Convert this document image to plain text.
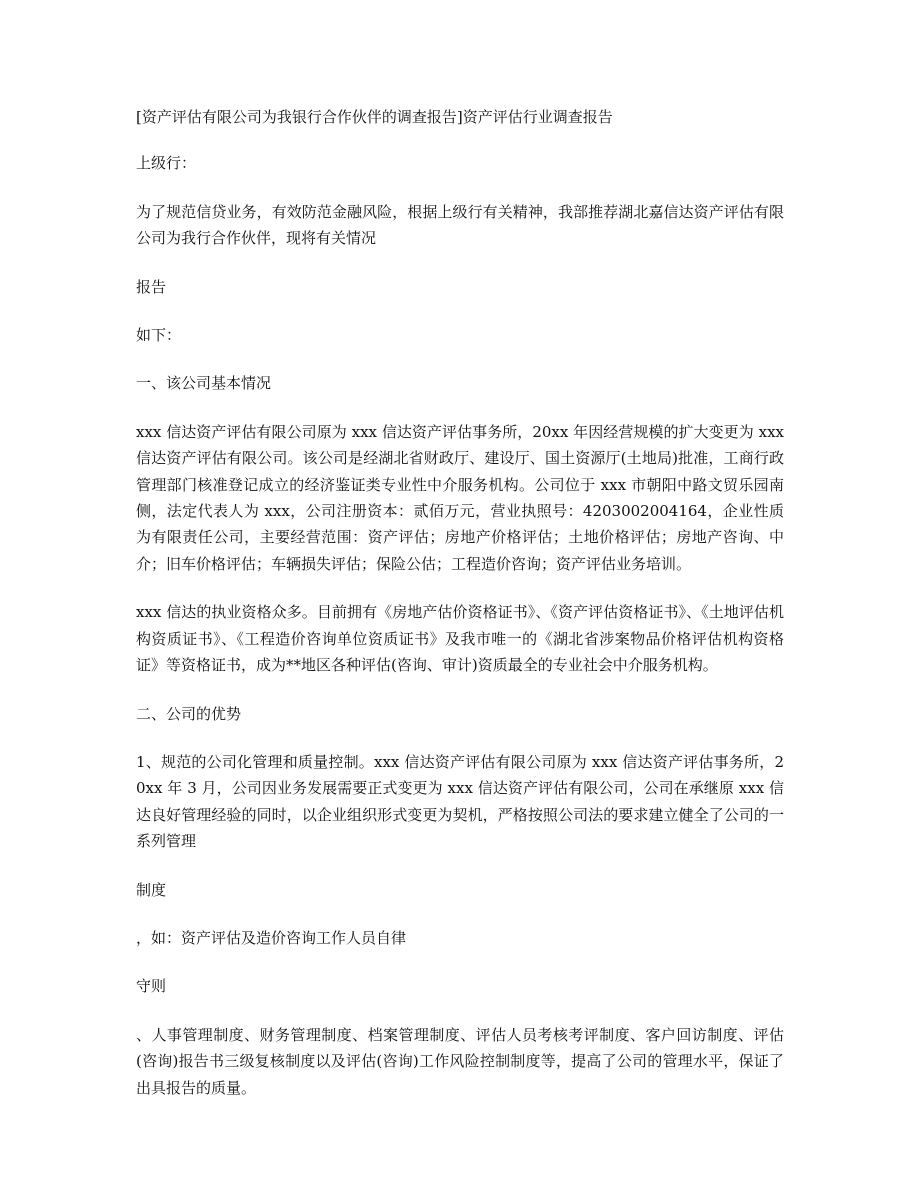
[资产评估有限公司为我银行合作伙伴的调查报告]资产评估行业调查报告

上级行：

为了规范信贷业务，有效防范金融风险，根据上级行有关精神，我部推荐湖北嘉信达资产评估有限公司为我行合作伙伴，现将有关情况

报告

如下：

一、该公司基本情况

xxx 信达资产评估有限公司原为 xxx 信达资产评估事务所，20xx 年因经营规模的扩大变更为 xxx 信达资产评估有限公司。该公司是经湖北省财政厅、建设厅、国土资源厅(土地局)批准，工商行政管理部门核准登记成立的经济鉴证类专业性中介服务机构。公司位于 xxx 市朝阳中路文贸乐园南侧，法定代表人为 xxx，公司注册资本：贰佰万元，营业执照号：4203002004164，企业性质为有限责任公司，主要经营范围：资产评估；房地产价格评估；土地价格评估；房地产咨询、中介；旧车价格评估；车辆损失评估；保险公估；工程造价咨询；资产评估业务培训。

xxx 信达的执业资格众多。目前拥有《房地产估价资格证书》、《资产评估资格证书》、《土地评估机构资质证书》、《工程造价咨询单位资质证书》及我市唯一的《湖北省涉案物品价格评估机构资格证》等资格证书，成为**地区各种评估(咨询、审计)资质最全的专业社会中介服务机构。

二、公司的优势

1、规范的公司化管理和质量控制。xxx 信达资产评估有限公司原为 xxx 信达资产评估事务所，20xx 年 3 月，公司因业务发展需要正式变更为 xxx 信达资产评估有限公司，公司在承继原 xxx 信达良好管理经验的同时，以企业组织形式变更为契机，严格按照公司法的要求建立健全了公司的一系列管理

制度

，如：资产评估及造价咨询工作人员自律

守则

、人事管理制度、财务管理制度、档案管理制度、评估人员考核考评制度、客户回访制度、评估(咨询)报告书三级复核制度以及评估(咨询)工作风险控制制度等，提高了公司的管理水平，保证了出具报告的质量。
